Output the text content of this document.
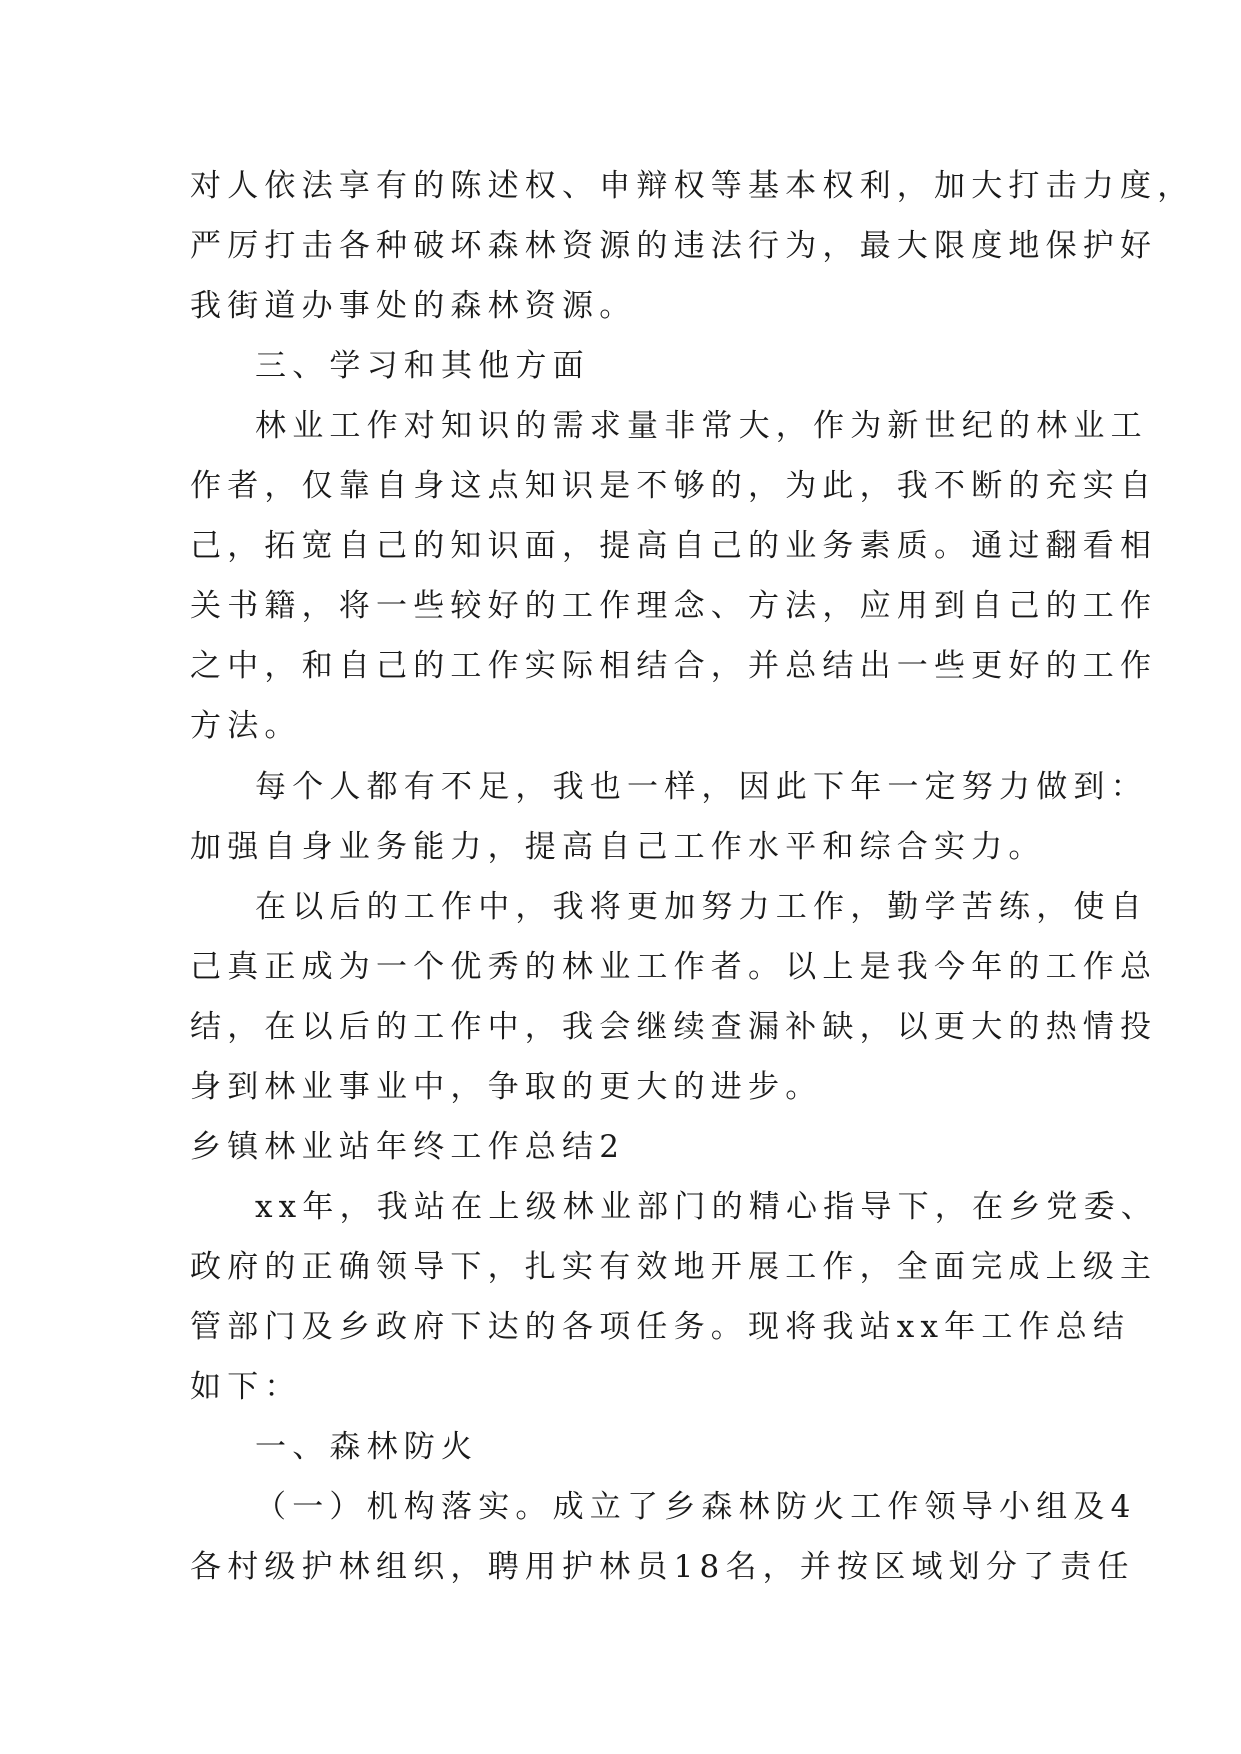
对人依法享有的陈述权、申辩权等基本权利，加大打击力度，
严厉打击各种破坏森林资源的违法行为，最大限度地保护好
我街道办事处的森林资源。
三、学习和其他方面
林业工作对知识的需求量非常大，作为新世纪的林业工
作者，仅靠自身这点知识是不够的，为此，我不断的充实自
己，拓宽自己的知识面，提高自己的业务素质。通过翻看相
关书籍，将一些较好的工作理念、方法，应用到自己的工作
之中，和自己的工作实际相结合，并总结出一些更好的工作
方法。
每个人都有不足，我也一样，因此下年一定努力做到：
加强自身业务能力，提高自己工作水平和综合实力。
在以后的工作中，我将更加努力工作，勤学苦练，使自
己真正成为一个优秀的林业工作者。以上是我今年的工作总
结，在以后的工作中，我会继续查漏补缺，以更大的热情投
身到林业事业中，争取的更大的进步。
乡镇林业站年终工作总结2
xx年，我站在上级林业部门的精心指导下，在乡党委、
政府的正确领导下，扎实有效地开展工作，全面完成上级主
管部门及乡政府下达的各项任务。现将我站xx年工作总结
如下：
一、森林防火
（一）机构落实。成立了乡森林防火工作领导小组及4
各村级护林组织，聘用护林员18名，并按区域划分了责任
